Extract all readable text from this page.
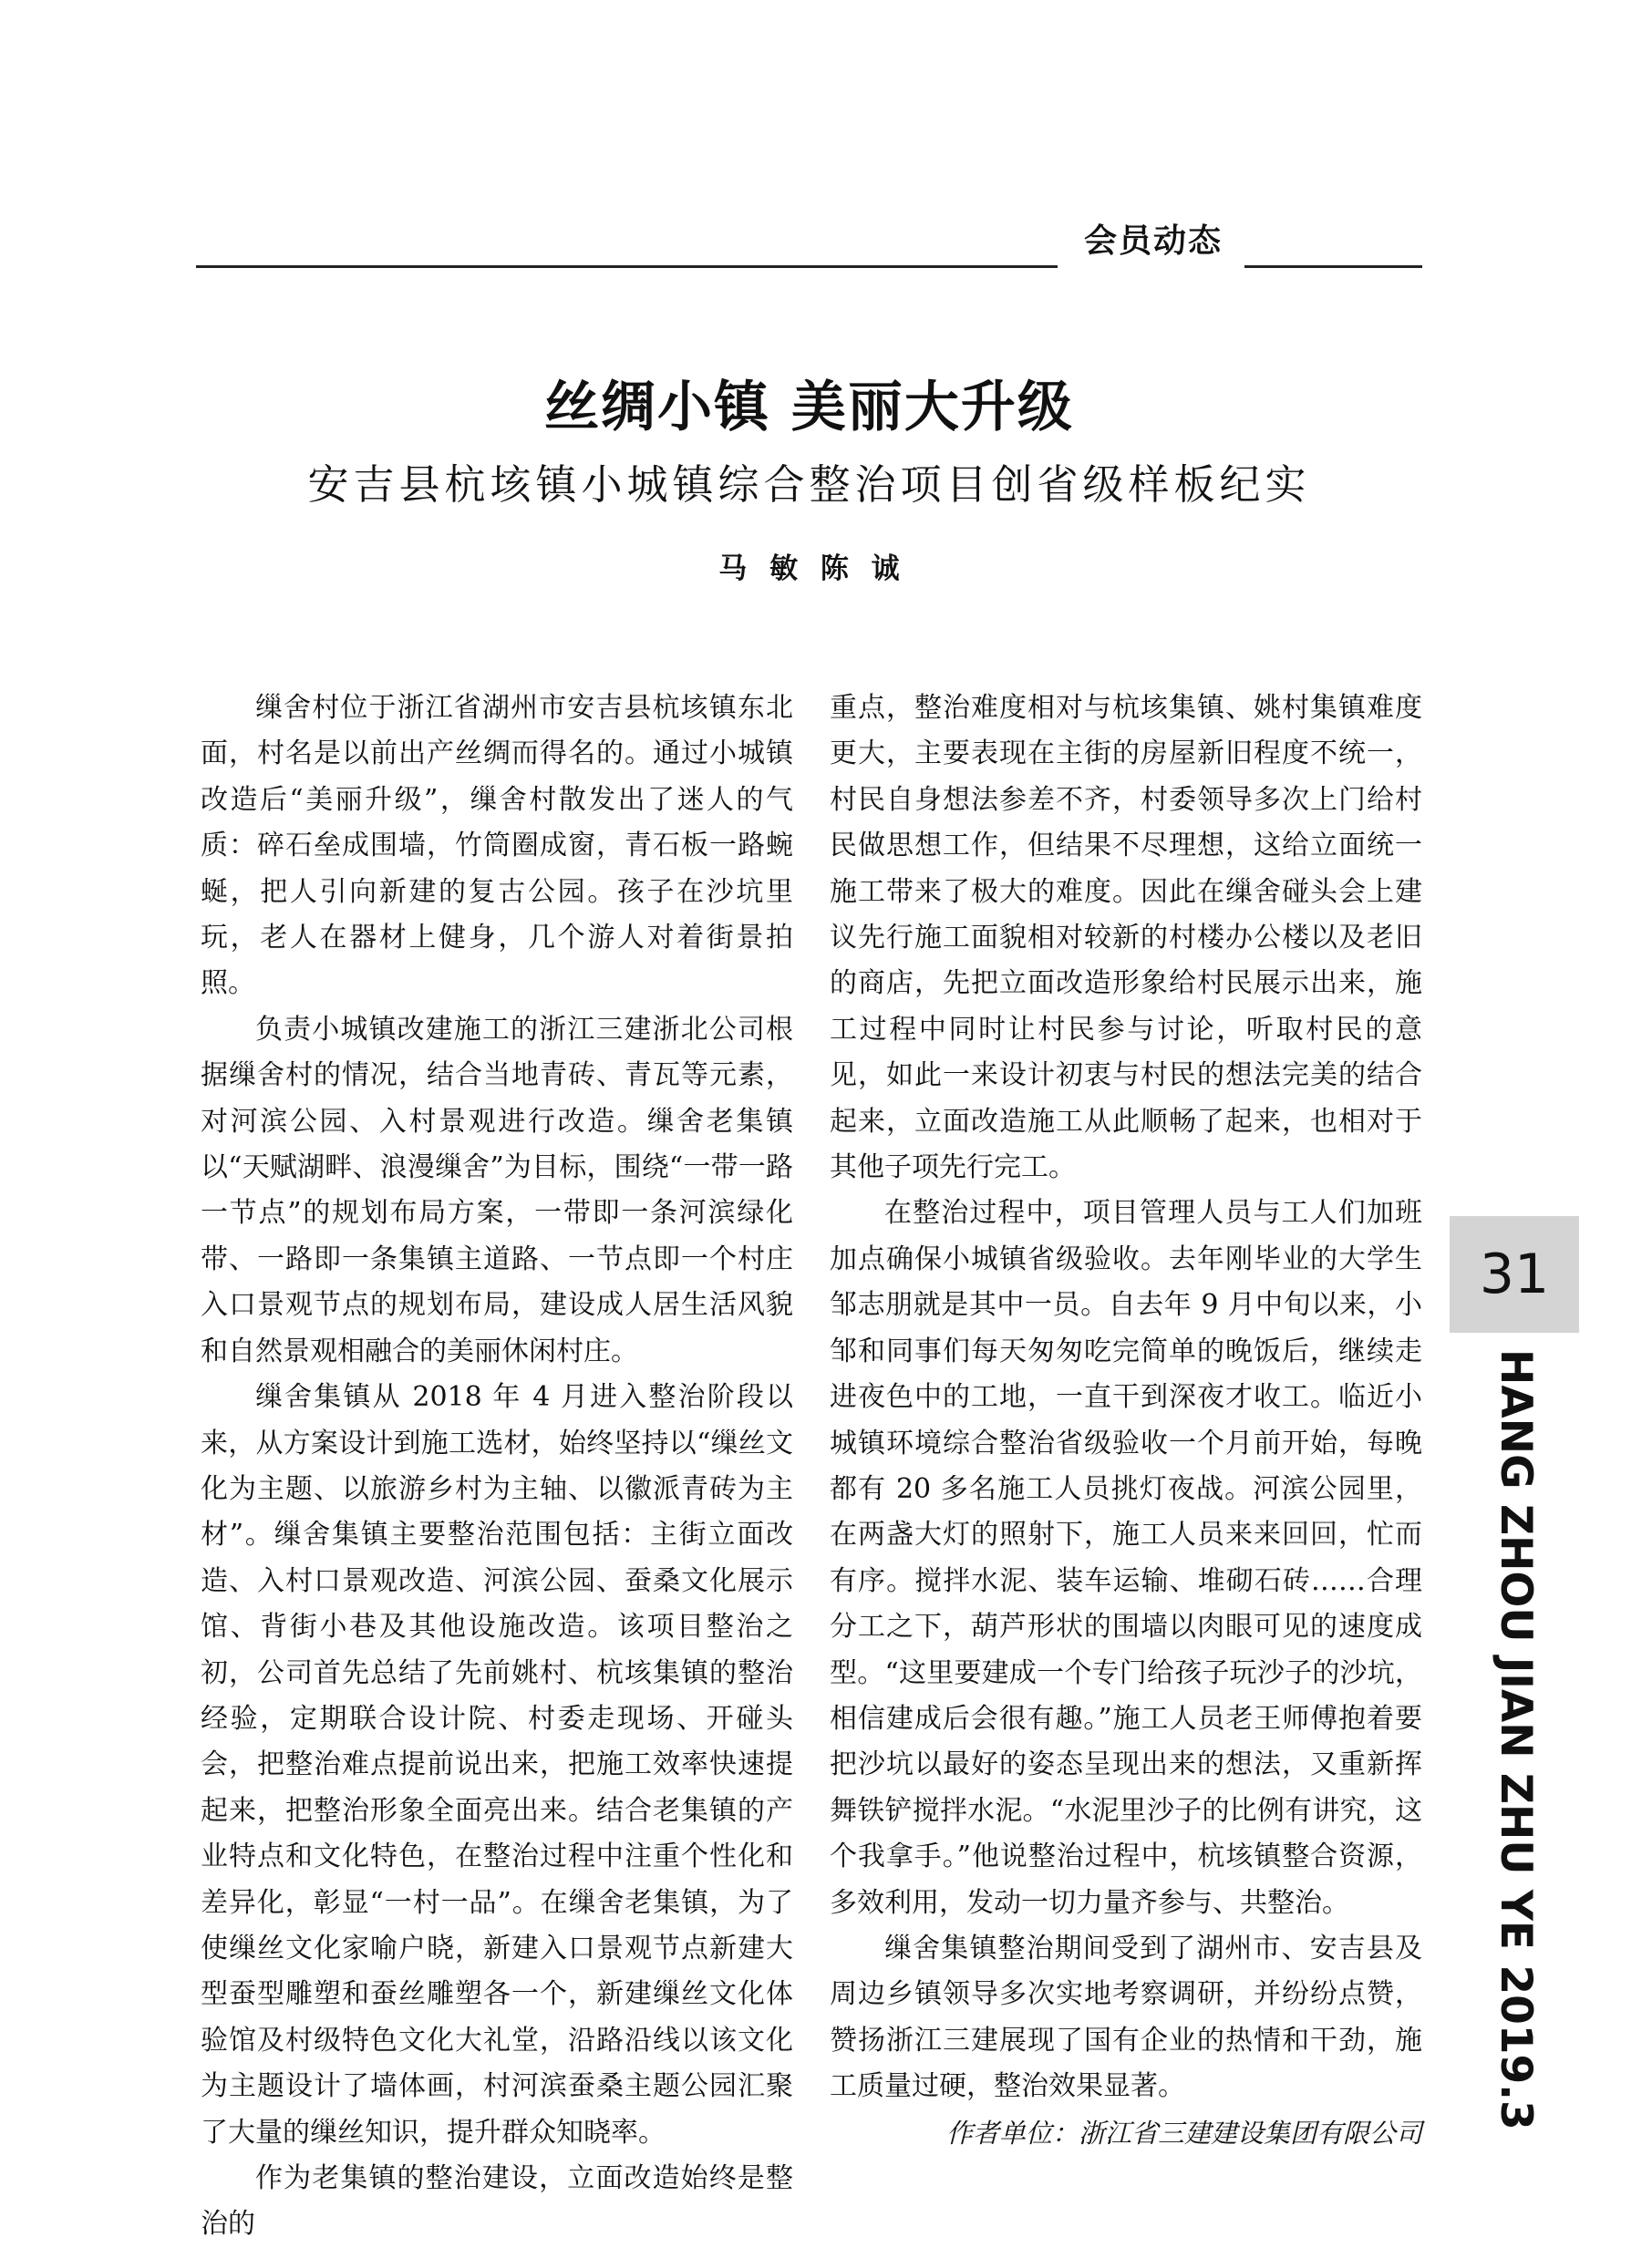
会员动态
丝绸小镇 美丽大升级
安吉县杭垓镇小城镇综合整治项目创省级样板纪实
马 敏 陈 诚

缫舍村位于浙江省湖州市安吉县杭垓镇东北面，村名是以前出产丝绸而得名的。通过小城镇改造后“美丽升级”，缫舍村散发出了迷人的气质：碎石垒成围墙，竹筒圈成窗，青石板一路蜿蜒，把人引向新建的复古公园。孩子在沙坑里玩，老人在器材上健身，几个游人对着街景拍照。

负责小城镇改建施工的浙江三建浙北公司根据缫舍村的情况，结合当地青砖、青瓦等元素，对河滨公园、入村景观进行改造。缫舍老集镇以“天赋湖畔、浪漫缫舍”为目标，围绕“一带一路一节点”的规划布局方案，一带即一条河滨绿化带、一路即一条集镇主道路、一节点即一个村庄入口景观节点的规划布局，建设成人居生活风貌和自然景观相融合的美丽休闲村庄。

缫舍集镇从 2018 年 4 月进入整治阶段以来，从方案设计到施工选材，始终坚持以“缫丝文化为主题、以旅游乡村为主轴、以徽派青砖为主材”。缫舍集镇主要整治范围包括：主街立面改造、入村口景观改造、河滨公园、蚕桑文化展示馆、背街小巷及其他设施改造。该项目整治之初，公司首先总结了先前姚村、杭垓集镇的整治经验，定期联合设计院、村委走现场、开碰头会，把整治难点提前说出来，把施工效率快速提起来，把整治形象全面亮出来。结合老集镇的产业特点和文化特色，在整治过程中注重个性化和差异化，彰显“一村一品”。在缫舍老集镇，为了使缫丝文化家喻户晓，新建入口景观节点新建大型蚕型雕塑和蚕丝雕塑各一个，新建缫丝文化体验馆及村级特色文化大礼堂，沿路沿线以该文化为主题设计了墙体画，村河滨蚕桑主题公园汇聚了大量的缫丝知识，提升群众知晓率。

作为老集镇的整治建设，立面改造始终是整治的

重点，整治难度相对与杭垓集镇、姚村集镇难度更大，主要表现在主街的房屋新旧程度不统一，村民自身想法参差不齐，村委领导多次上门给村民做思想工作，但结果不尽理想，这给立面统一施工带来了极大的难度。因此在缫舍碰头会上建议先行施工面貌相对较新的村楼办公楼以及老旧的商店，先把立面改造形象给村民展示出来，施工过程中同时让村民参与讨论，听取村民的意见，如此一来设计初衷与村民的想法完美的结合起来，立面改造施工从此顺畅了起来，也相对于其他子项先行完工。

在整治过程中，项目管理人员与工人们加班加点确保小城镇省级验收。去年刚毕业的大学生邹志朋就是其中一员。自去年 9 月中旬以来，小邹和同事们每天匆匆吃完简单的晚饭后，继续走进夜色中的工地，一直干到深夜才收工。临近小城镇环境综合整治省级验收一个月前开始，每晚都有 20 多名施工人员挑灯夜战。河滨公园里，在两盏大灯的照射下，施工人员来来回回，忙而有序。搅拌水泥、装车运输、堆砌石砖……合理分工之下，葫芦形状的围墙以肉眼可见的速度成型。“这里要建成一个专门给孩子玩沙子的沙坑，相信建成后会很有趣。”施工人员老王师傅抱着要把沙坑以最好的姿态呈现出来的想法，又重新挥舞铁铲搅拌水泥。“水泥里沙子的比例有讲究，这个我拿手。”他说整治过程中，杭垓镇整合资源，多效利用，发动一切力量齐参与、共整治。

缫舍集镇整治期间受到了湖州市、安吉县及周边乡镇领导多次实地考察调研，并纷纷点赞，赞扬浙江三建展现了国有企业的热情和干劲，施工质量过硬，整治效果显著。

作者单位：浙江省三建建设集团有限公司

31
HANG ZHOU JIAN ZHU YE 2019.3
